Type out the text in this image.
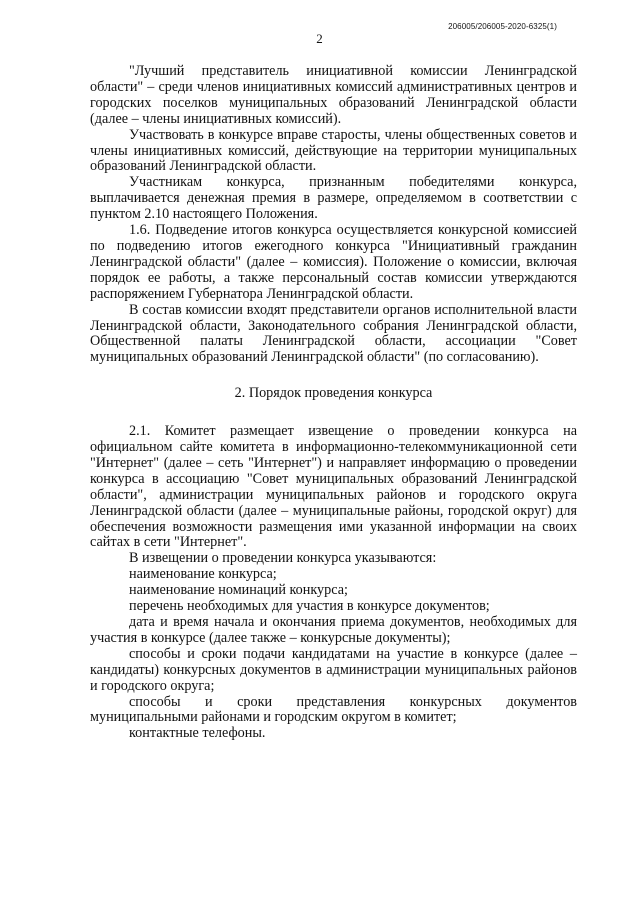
206005/206005-2020-6325(1)
2

"Лучший представитель инициативной комиссии Ленинградской области" – среди членов инициативных комиссий административных центров и городских поселков муниципальных образований Ленинградской области (далее – члены инициативных комиссий).

Участвовать в конкурсе вправе старосты, члены общественных советов и члены инициативных комиссий, действующие на территории муниципальных образований Ленинградской области.

Участникам конкурса, признанным победителями конкурса, выплачивается денежная премия в размере, определяемом в соответствии с пунктом 2.10 настоящего Положения.

1.6. Подведение итогов конкурса осуществляется конкурсной комиссией по подведению итогов ежегодного конкурса "Инициативный гражданин Ленинградской области" (далее – комиссия). Положение о комиссии, включая порядок ее работы, а также персональный состав комиссии утверждаются распоряжением Губернатора Ленинградской области.

В состав комиссии входят представители органов исполнительной власти Ленинградской области, Законодательного собрания Ленинградской области, Общественной палаты Ленинградской области, ассоциации "Совет муниципальных образований Ленинградской области" (по согласованию).

2. Порядок проведения конкурса

2.1. Комитет размещает извещение о проведении конкурса на официальном сайте комитета в информационно-телекоммуникационной сети "Интернет" (далее – сеть "Интернет") и направляет информацию о проведении конкурса в ассоциацию "Совет муниципальных образований Ленинградской области", администрации муниципальных районов и городского округа Ленинградской области (далее – муниципальные районы, городской округ) для обеспечения возможности размещения ими указанной информации на своих сайтах в сети "Интернет".

В извещении о проведении конкурса указываются:

наименование конкурса;

наименование номинаций конкурса;

перечень необходимых для участия в конкурсе документов;

дата и время начала и окончания приема документов, необходимых для участия в конкурсе (далее также – конкурсные документы);

способы и сроки подачи кандидатами на участие в конкурсе (далее – кандидаты) конкурсных документов в администрации муниципальных районов и городского округа;

способы и сроки представления конкурсных документов муниципальными районами и городским округом в комитет;

контактные телефоны.
